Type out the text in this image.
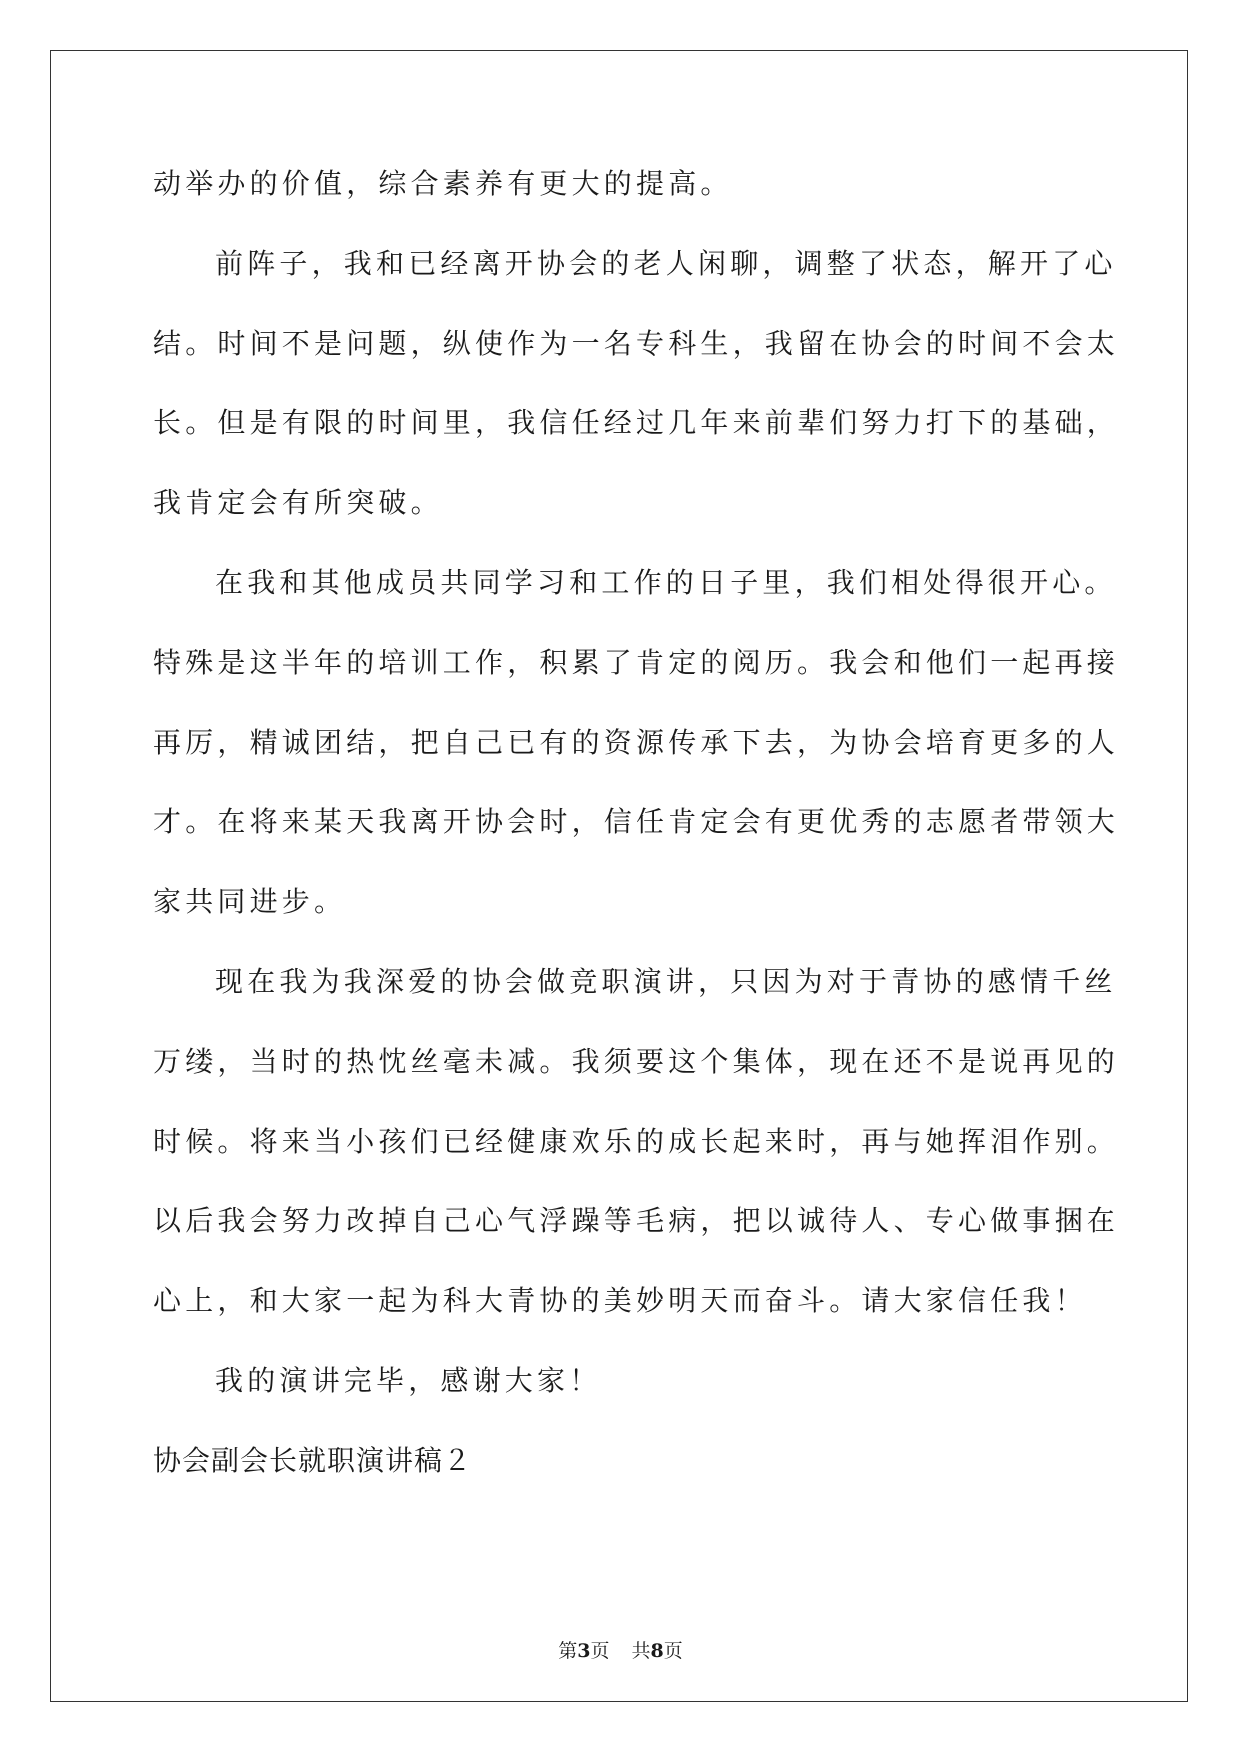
动举办的价值，综合素养有更大的提高。
前阵子，我和已经离开协会的老人闲聊，调整了状态，解开了心
结。时间不是问题，纵使作为一名专科生，我留在协会的时间不会太
长。但是有限的时间里，我信任经过几年来前辈们努力打下的基础，
我肯定会有所突破。
在我和其他成员共同学习和工作的日子里，我们相处得很开心。
特殊是这半年的培训工作，积累了肯定的阅历。我会和他们一起再接
再厉，精诚团结，把自己已有的资源传承下去，为协会培育更多的人
才。在将来某天我离开协会时，信任肯定会有更优秀的志愿者带领大
家共同进步。
现在我为我深爱的协会做竞职演讲，只因为对于青协的感情千丝
万缕，当时的热忱丝毫未减。我须要这个集体，现在还不是说再见的
时候。将来当小孩们已经健康欢乐的成长起来时，再与她挥泪作别。
以后我会努力改掉自己心气浮躁等毛病，把以诚待人、专心做事捆在
心上，和大家一起为科大青协的美妙明天而奋斗。请大家信任我！
我的演讲完毕，感谢大家！
协会副会长就职演讲稿２
第3页 共8页
